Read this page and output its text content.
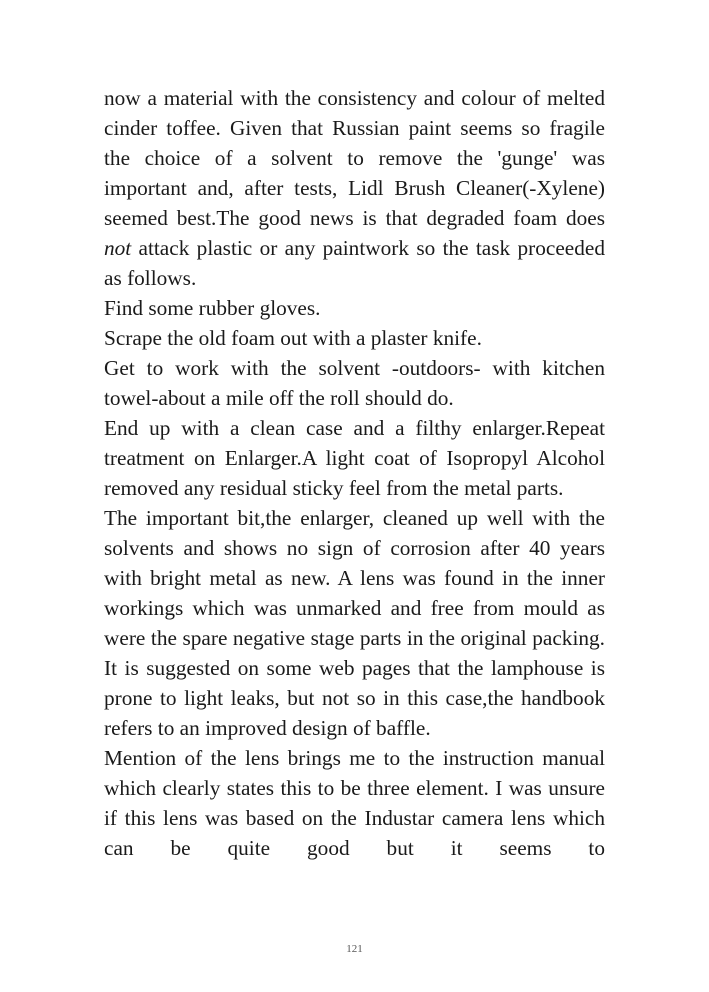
now a material with the consistency and colour of melted cinder toffee. Given that Russian paint seems so fragile the choice of a solvent to remove the 'gunge' was important and, after tests, Lidl Brush Cleaner(-Xylene) seemed best.The good news is that degraded foam does not attack plastic or any paintwork so the task proceeded as follows.

Find some rubber gloves.

Scrape the old foam out with a plaster knife.

Get to work with the solvent -outdoors- with kitchen towel-about a mile off the roll should do.

End up with a clean case and a filthy enlarger.Repeat treatment on Enlarger.A light coat of Isopropyl Alcohol removed any residual sticky feel from the metal parts.

The important bit,the enlarger, cleaned up well with the solvents and shows no sign of corrosion after 40 years with bright metal as new. A lens was found in the inner workings which was unmarked and free from mould as were the spare negative stage parts in the original packing. It is suggested on some web pages that the lamphouse is prone to light leaks, but not so in this case,the handbook refers to an improved design of baffle.

Mention of the lens brings me to the instruction manual which clearly states this to be three element. I was unsure if this lens was based on the Industar camera lens which can be quite good but it seems to

121
